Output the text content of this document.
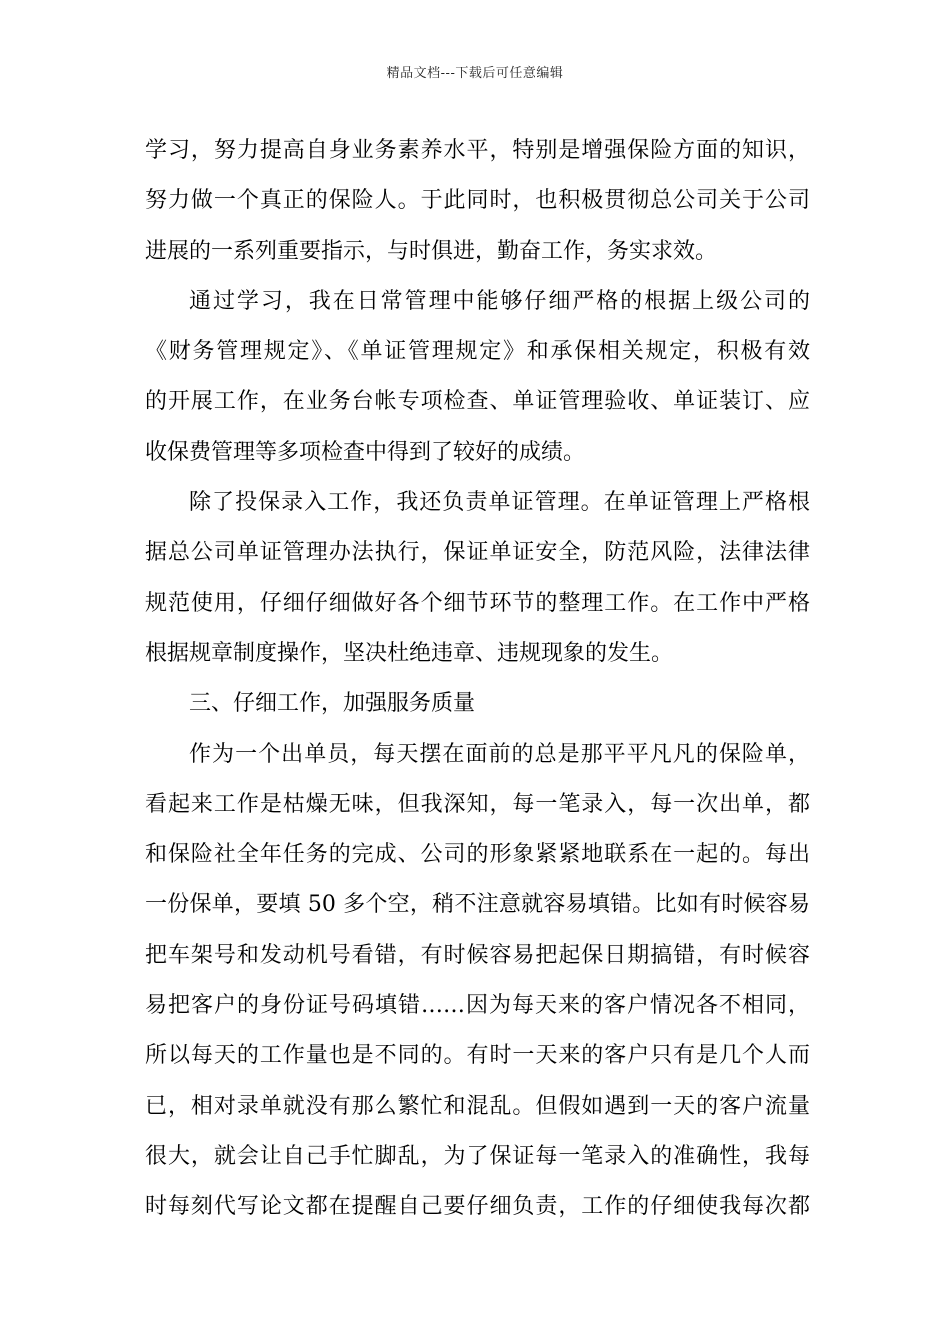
精品文档---下载后可任意编辑
学习，努力提高自身业务素养水平，特别是增强保险方面的知识，
努力做一个真正的保险人。于此同时，也积极贯彻总公司关于公司
进展的一系列重要指示，与时俱进，勤奋工作，务实求效。
通过学习，我在日常管理中能够仔细严格的根据上级公司的
《财务管理规定》、《单证管理规定》和承保相关规定，积极有效
的开展工作，在业务台帐专项检查、单证管理验收、单证装订、应
收保费管理等多项检查中得到了较好的成绩。
除了投保录入工作，我还负责单证管理。在单证管理上严格根
据总公司单证管理办法执行，保证单证安全，防范风险，法律法律
规范使用，仔细仔细做好各个细节环节的整理工作。在工作中严格
根据规章制度操作，坚决杜绝违章、违规现象的发生。
三、仔细工作，加强服务质量
作为一个出单员，每天摆在面前的总是那平平凡凡的保险单，
看起来工作是枯燥无味，但我深知，每一笔录入，每一次出单，都
和保险社全年任务的完成、公司的形象紧紧地联系在一起的。每出
一份保单，要填 50 多个空，稍不注意就容易填错。比如有时候容易
把车架号和发动机号看错，有时候容易把起保日期搞错，有时候容
易把客户的身份证号码填错……因为每天来的客户情况各不相同，
所以每天的工作量也是不同的。有时一天来的客户只有是几个人而
已，相对录单就没有那么繁忙和混乱。但假如遇到一天的客户流量
很大，就会让自己手忙脚乱，为了保证每一笔录入的准确性，我每
时每刻代写论文都在提醒自己要仔细负责，工作的仔细使我每次都
